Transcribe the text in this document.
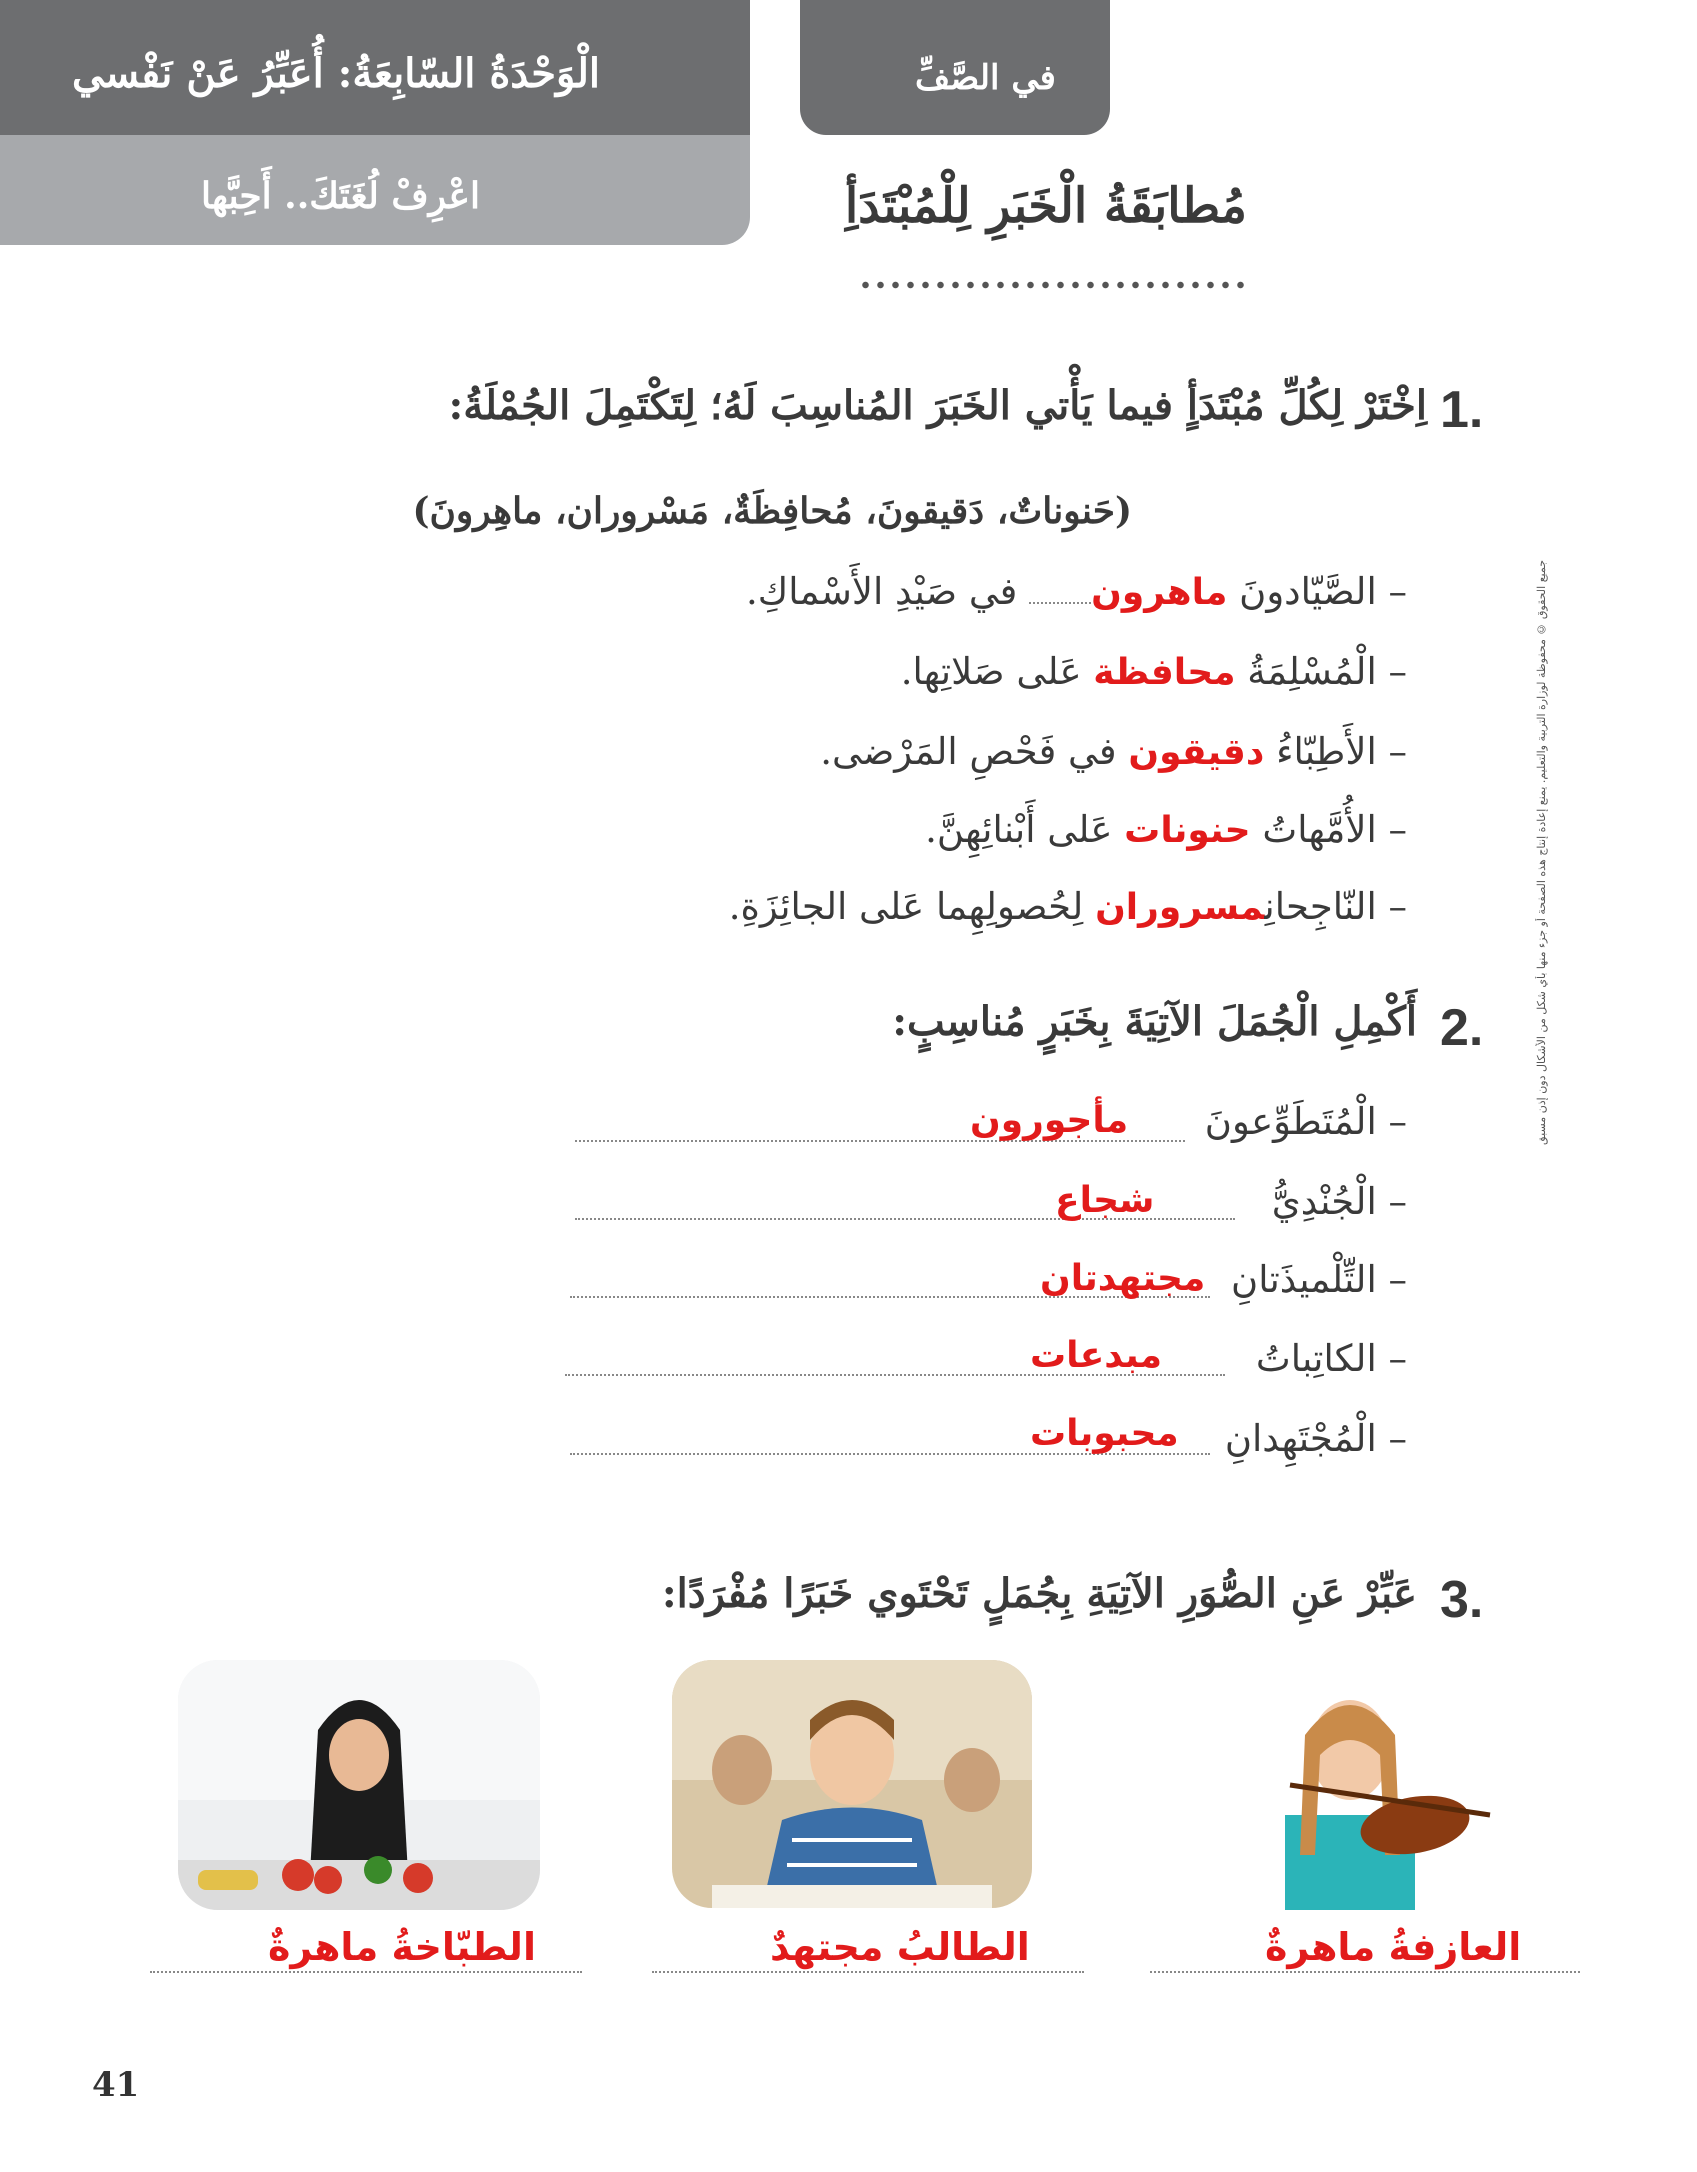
الْوَحْدَةُ السّابِعَةُ: أُعَبِّرُ عَنْ نَفْسي
اعْرِفْ لُغَتَكَ.. أَحِبَّها
في الصَّفِّ
مُطابَقَةُ الْخَبَرِ لِلْمُبْتَدَأِ
جميع الحقوق © محفوظة لوزارة التربية والتعليم. يمنع إعادة إنتاج هذه الصفحة أو جزء منها بأي شكل من الأشكال دون إذن مسبق
1.
اِخْتَرْ لِكُلِّ مُبْتَدَأٍ فيما يَأْتي الخَبَرَ المُناسِبَ لَهُ؛ لِتَكْتَمِلَ الجُمْلَةُ:
(حَنوناتٌ، دَقيقونَ، مُحافِظَةٌ، مَسْروران، ماهِرونَ)
– الصَّيّادونَ ماهرون في صَيْدِ الأَسْماكِ.
– الْمُسْلِمَةُ محافظة عَلى صَلاتِها.
– الأَطِبّاءُ دقيقون في فَحْصِ المَرْضى.
– الأُمَّهاتُ حنونات عَلى أَبْنائِهِنَّ.
– النّاجِحانِمسروران لِحُصولِهِما عَلى الجائِزَةِ.
2.
أَكْمِلِ الْجُمَلَ الآتِيَةَ بِخَبَرٍ مُناسِبٍ:
– الْمُتَطَوِّعونَ
مأجورون
– الْجُنْدِيُّ
شجاع
– التِّلْميذَتانِ
مجتهدتان
– الكاتِباتُ
مبدعات
– الْمُجْتَهِدانِ
محبوبات
3.
عَبِّرْ عَنِ الصُّوَرِ الآتِيَةِ بِجُمَلٍ تَحْتَوي خَبَرًا مُفْرَدًا:
العازفةُ ماهرةٌ
الطالبُ مجتهدٌ
الطبّاخةُ ماهرةٌ
41
